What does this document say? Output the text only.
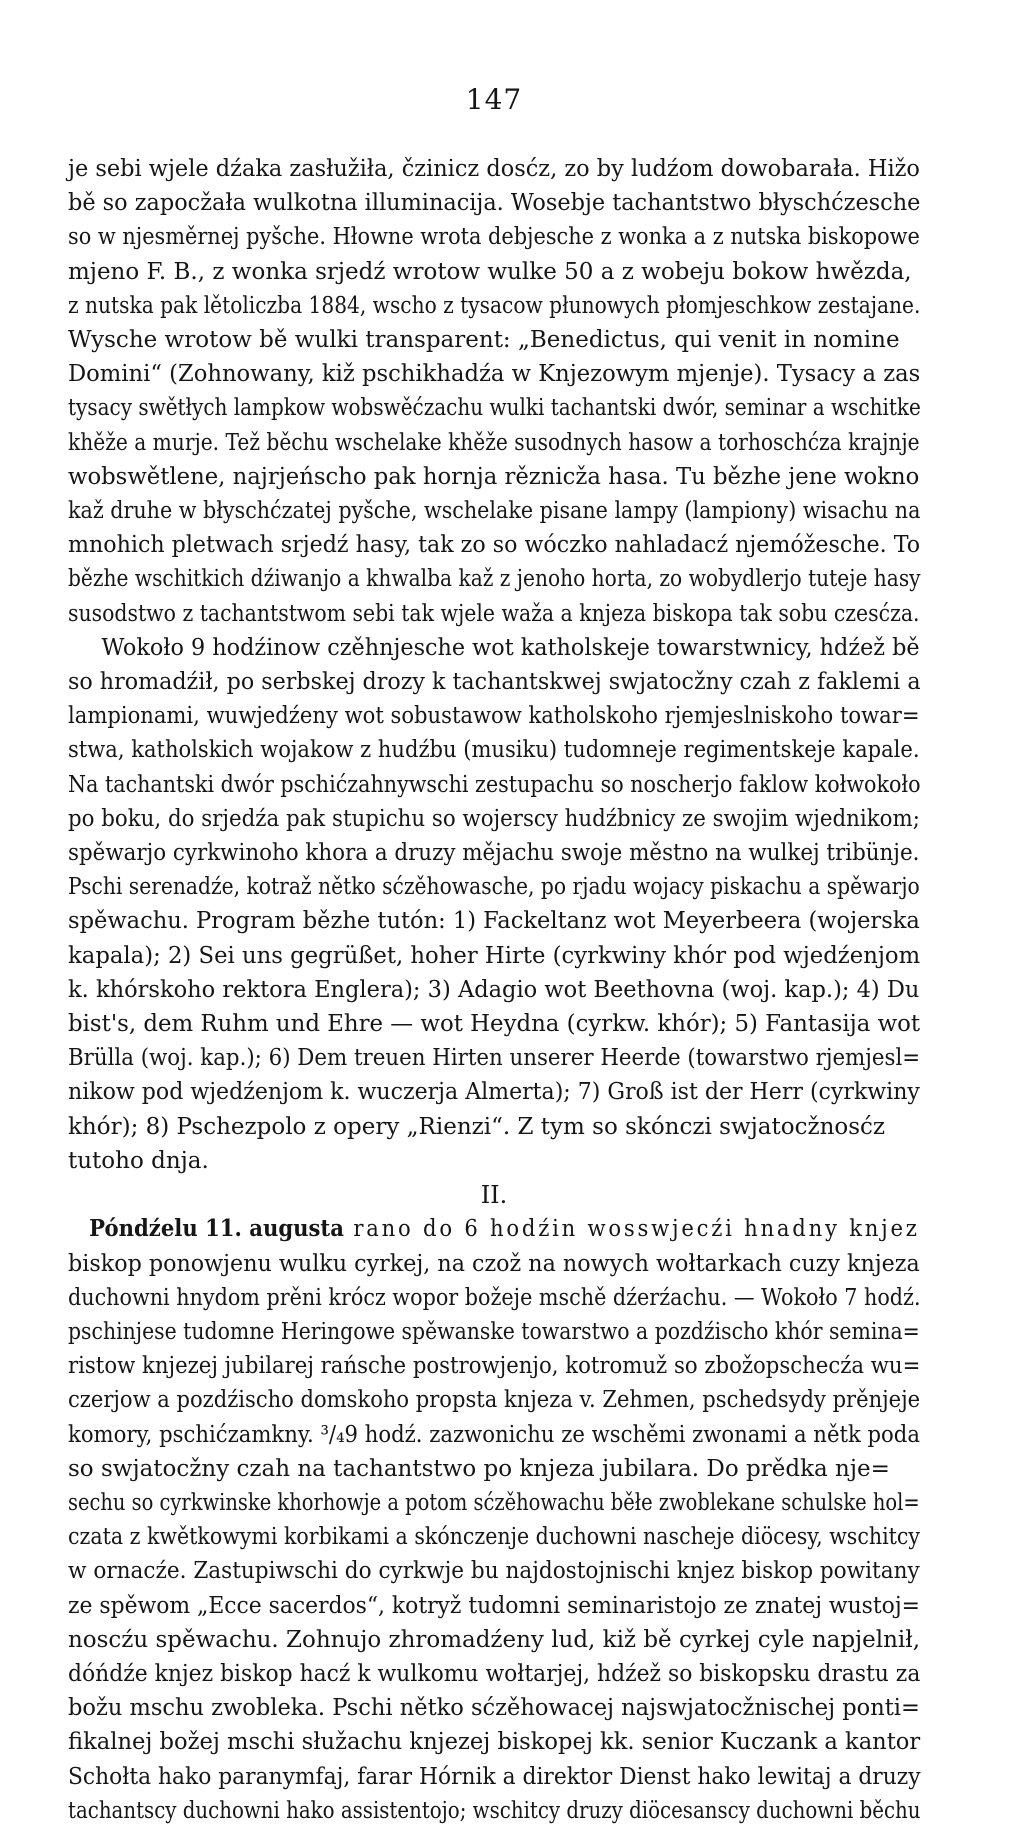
147

je sebi wjele dźaka zasłužiła, čzinicz dosćz, zo by ludźom dowobarała. Hižo
bě so zapocžała wulkotna illuminacija. Wosebje tachantstwo błyschćzesche
so w njesměrnej pyšche. Hłowne wrota debjesche z wonka a z nutska biskopowe
mjeno F. B., z wonka srjedź wrotow wulke 50 a z wobeju bokow hwězda,
z nutska pak lětoliczba 1884, wscho z tysacow płunowych płomjeschkow zestajane.
Wysche wrotow bě wulki transparent: „Benedictus, qui venit in nomine
Domini“ (Zohnowany, kiž pschikhadźa w Knjezowym mjenje). Tysacy a zas
tysacy swětłych lampkow wobswěćzachu wulki tachantski dwór, seminar a wschitke
khěže a murje. Tež běchu wschelake khěže susodnych hasow a torhoschćza krajnje
wobswětlene, najrjeńscho pak hornja rěznicža hasa. Tu bězhe jene wokno
kaž druhe w błyschćzatej pyšche, wschelake pisane lampy (lampiony) wisachu na
mnohich pletwach srjedź hasy, tak zo so wóczko nahladacź njemóžesche. To
bězhe wschitkich dźiwanjo a khwalba kaž z jenoho horta, zo wobydlerjo tuteje hasy
susodstwo z tachantstwom sebi tak wjele waža a knjeza biskopa tak sobu czesćza.

Wokoło 9 hodźinow czěhnjesche wot katholskeje towarstwnicy, hdźež bě
so hromadźił, po serbskej drozy k tachantskwej swjatocžny czah z faklemi a
lampionami, wuwjedźeny wot sobustawow katholskoho rjemjeslniskoho towar=
stwa, katholskich wojakow z hudźbu (musiku) tudomneje regimentskeje kapale.
Na tachantski dwór pschićzahnywschi zestupachu so noscherjo faklow kołwokoło
po boku, do srjedźa pak stupichu so wojerscy hudźbnicy ze swojim wjednikom;
spěwarjo cyrkwinoho khora a druzy mějachu swoje městno na wulkej tribünje.
Pschi serenadźe, kotraž nětko sćzěhowasche, po rjadu wojacy piskachu a spěwarjo
spěwachu. Program bězhe tutón: 1) Fackeltanz wot Meyerbeera (wojerska
kapala); 2) Sei uns gegrüßet, hoher Hirte (cyrkwiny khór pod wjedźenjom
k. khórskoho rektora Englera); 3) Adagio wot Beethovna (woj. kap.); 4) Du
bist's, dem Ruhm und Ehre — wot Heydna (cyrkw. khór); 5) Fantasija wot
Brülla (woj. kap.); 6) Dem treuen Hirten unserer Heerde (towarstwo rjemjesl=
nikow pod wjedźenjom k. wuczerja Almerta); 7) Groß ist der Herr (cyrkwiny
khór); 8) Pschezpolo z opery „Rienzi“. Z tym so skónczi swjatocžnosćz
tutoho dnja.

II.

 Póndźelu 11. augusta rano do 6 hodźin wosswjecźi hnadny knjez
biskop ponowjenu wulku cyrkej, na czož na nowych wołtarkach cuzy knjeza
duchowni hnydom prěni krócz wopor božeje mschě dźerźachu. — Wokoło 7 hodź.
pschinjese tudomne Heringowe spěwanske towarstwo a pozdźischo khór semina=
ristow knjezej jubilarej rańsche postrowjenjo, kotromuž so zbožopschecźa wu=
czerjow a pozdźischo domskoho propsta knjeza v. Zehmen, pschedsydy prěnjeje
komory, pschićzamkny. ³/₄9 hodź. zazwonichu ze wschěmi zwonami a nětk poda
so swjatocžny czah na tachantstwo po knjeza jubilara. Do prědka nje=
sechu so cyrkwinske khorhowje a potom sćzěhowachu běłe zwoblekane schulske hol=
czata z kwětkowymi korbikami a skónczenje duchowni nascheje diöcesy, wschitcy
w ornacźe. Zastupiwschi do cyrkwje bu najdostojnischi knjez biskop powitany
ze spěwom „Ecce sacerdos“, kotryž tudomni seminaristojo ze znatej wustoj=
noscźu spěwachu. Zohnujo zhromadźeny lud, kiž bě cyrkej cyle napjelnił,
dóńdźe knjez biskop hacź k wulkomu wołtarjej, hdźež so biskopsku drastu za
božu mschu zwobleka. Pschi nětko sćzěhowacej najswjatocžnischej ponti=
fikalnej božej mschi słužachu knjezej biskopej kk. senior Kuczank a kantor
Schołta hako paranymfaj, farar Hórnik a direktor Dienst hako lewitaj a druzy
tachantscy duchowni hako assistentojo; wschitcy druzy diöcesanscy duchowni běchu
